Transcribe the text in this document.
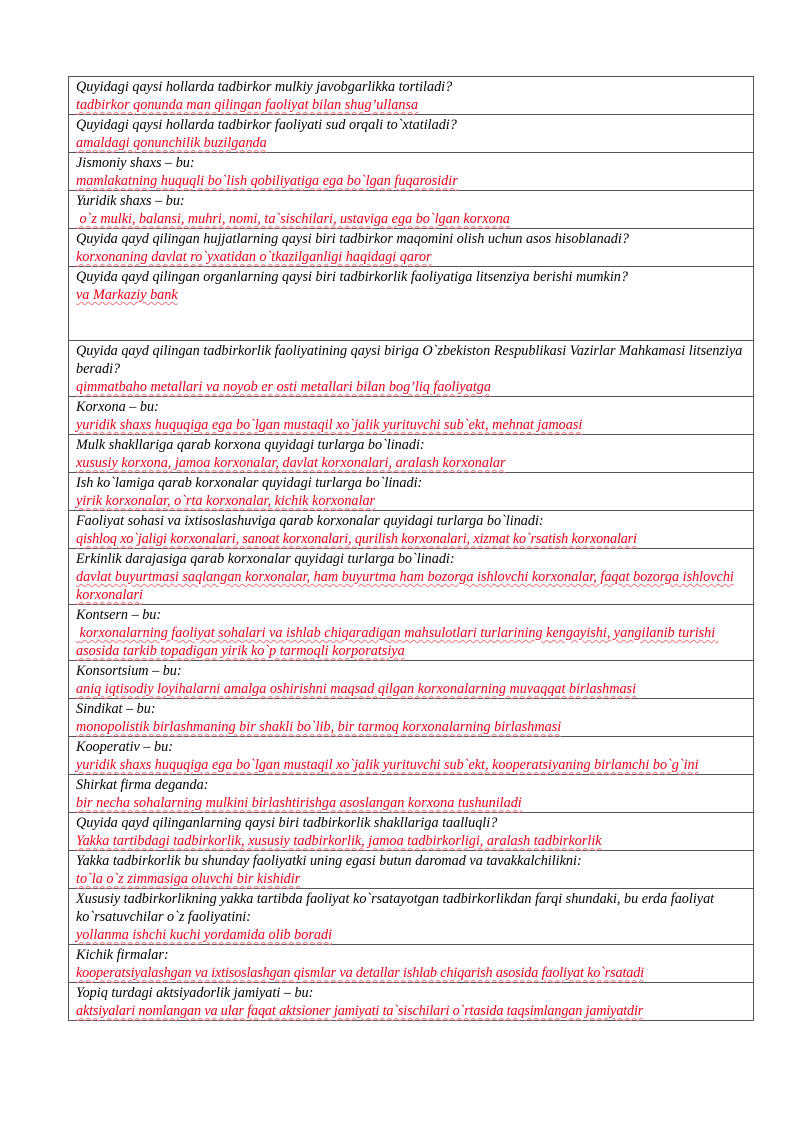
Quyidagi qaysi hollarda tadbirkor mulkiy javobgarlikka tortiladi?
tadbirkor qonunda man qilingan faoliyat bilan shug’ullansa

Quyidagi qaysi hollarda tadbirkor faoliyati sud orqali to`xtatiladi?
amaldagi qonunchilik buzilganda

Jismoniy shaxs – bu:
mamlakatning huquqli bo`lish qobiliyatiga ega bo`lgan fuqarosidir

Yuridik shaxs – bu:
o`z mulki, balansi, muhri, nomi, ta`sischilari, ustaviga ega bo`lgan korxona

Quyida qayd qilingan hujjatlarning qaysi biri tadbirkor maqomini olish uchun asos hisoblanadi?
korxonaning davlat ro`yxatidan o`tkazilganligi haqidagi qaror

Quyida qayd qilingan organlarning qaysi biri tadbirkorlik faoliyatiga litsenziya berishi mumkin?
va Markaziy bank

Quyida qayd qilingan tadbirkorlik faoliyatining qaysi biriga O`zbekiston Respublikasi Vazirlar Mahkamasi litsenziya beradi?
qimmatbaho metallari va noyob er osti metallari bilan bog’liq faoliyatga

Korxona – bu:
yuridik shaxs huquqiga ega bo`lgan mustaqil xo`jalik yurituvchi sub`ekt, mehnat jamoasi

Mulk shakllariga qarab korxona quyidagi turlarga bo`linadi:
xususiy korxona, jamoa korxonalar, davlat korxonalari, aralash korxonalar

Ish ko`lamiga qarab korxonalar quyidagi turlarga bo`linadi:
yirik korxonalar, o`rta korxonalar, kichik korxonalar

Faoliyat sohasi va ixtisoslashuviga qarab korxonalar quyidagi turlarga bo`linadi:
qishloq xo`jaligi korxonalari, sanoat korxonalari, qurilish korxonalari, xizmat ko`rsatish korxonalari

Erkinlik darajasiga qarab korxonalar quyidagi turlarga bo`linadi:
davlat buyurtmasi saqlangan korxonalar, ham buyurtma ham bozorga ishlovchi korxonalar, faqat bozorga ishlovchi korxonalari

Kontsern – bu:
korxonalarning faoliyat sohalari va ishlab chiqaradigan mahsulotlari turlarining kengayishi, yangilanib turishi asosida tarkib topadigan yirik ko`p tarmoqli korporatsiya

Konsortsium – bu:
aniq iqtisodiy loyihalarni amalga oshirishni maqsad qilgan korxonalarning muvaqqat birlashmasi

Sindikat – bu:
monopolistik birlashmaning bir shakli bo`lib, bir tarmoq korxonalarning birlashmasi

Kooperativ – bu:
yuridik shaxs huquqiga ega bo`lgan mustaqil xo`jalik yurituvchi sub`ekt, kooperatsiyaning birlamchi bo`g`ini

Shirkat firma deganda:
bir necha sohalarning mulkini birlashtirishga asoslangan korxona tushuniladi

Quyida qayd qilinganlarning qaysi biri tadbirkorlik shakllariga taalluqli?
Yakka tartibdagi tadbirkorlik, xususiy tadbirkorlik, jamoa tadbirkorligi, aralash tadbirkorlik

Yakka tadbirkorlik bu shunday faoliyatki uning egasi butun daromad va tavakkalchilikni:
to`la o`z zimmasiga oluvchi bir kishidir

Xususiy tadbirkorlikning yakka tartibda faoliyat ko`rsatayotgan tadbirkorlikdan farqi shundaki, bu erda faoliyat ko`rsatuvchilar o`z faoliyatini:
yollanma ishchi kuchi yordamida olib boradi

Kichik firmalar:
kooperatsiyalashgan va ixtisoslashgan qismlar va detallar ishlab chiqarish asosida faoliyat ko`rsatadi

Yopiq turdagi aktsiyadorlik jamiyati – bu:
aktsiyalari nomlangan va ular faqat aktsioner jamiyati ta`sischilari o`rtasida taqsimlangan jamiyatdir
